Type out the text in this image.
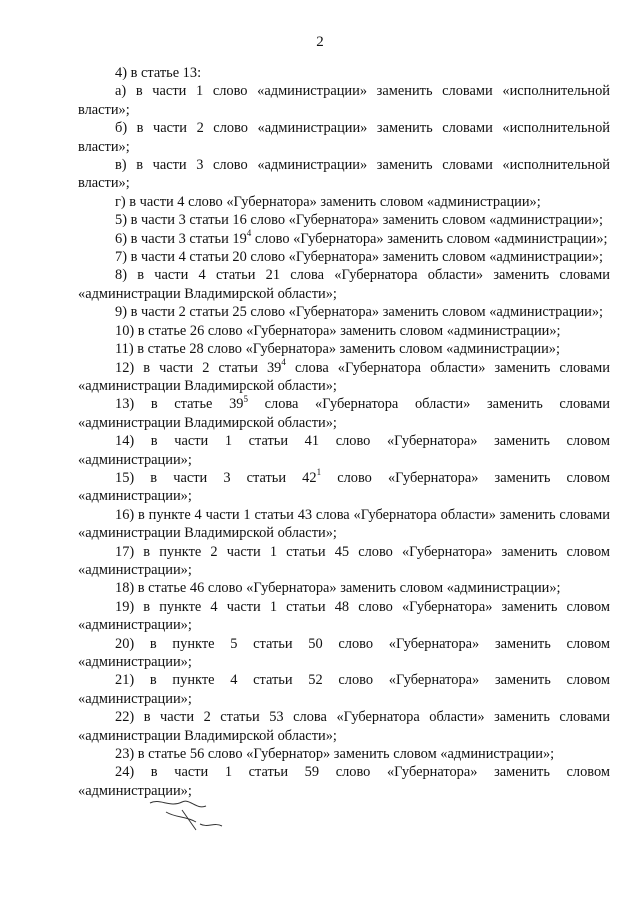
2

4) в статье 13:

а) в части 1 слово «администрации» заменить словами «исполнительной власти»;

б) в части 2 слово «администрации» заменить словами «исполнительной власти»;

в) в части 3 слово «администрации» заменить словами «исполнительной власти»;

г) в части 4 слово «Губернатора» заменить словом «администрации»;

5) в части 3 статьи 16 слово «Губернатора» заменить словом «администрации»;

6) в части 3 статьи $19^4$ слово «Губернатора» заменить словом «администрации»;

7) в части 4 статьи 20 слово «Губернатора» заменить словом «администрации»;

8) в части 4 статьи 21 слова «Губернатора области» заменить словами «администрации Владимирской области»;

9) в части 2 статьи 25 слово «Губернатора» заменить словом «администрации»;

10) в статье 26 слово «Губернатора» заменить словом «администрации»;

11) в статье 28 слово «Губернатора» заменить словом «администрации»;

12) в части 2 статьи $39^4$ слова «Губернатора области» заменить словами «администрации Владимирской области»;

13) в статье $39^5$ слова «Губернатора области» заменить словами «администрации Владимирской области»;

14) в части 1 статьи 41 слово «Губернатора» заменить словом «администрации»;

15) в части 3 статьи $42^1$ слово «Губернатора» заменить словом «администрации»;

16) в пункте 4 части 1 статьи 43 слова «Губернатора области» заменить словами «администрации Владимирской области»;

17) в пункте 2 части 1 статьи 45 слово «Губернатора» заменить словом «администрации»;

18) в статье 46 слово «Губернатора» заменить словом «администрации»;

19) в пункте 4 части 1 статьи 48 слово «Губернатора» заменить словом «администрации»;

20) в пункте 5 статьи 50 слово «Губернатора» заменить словом «администрации»;

21) в пункте 4 статьи 52 слово «Губернатора» заменить словом «администрации»;

22) в части 2 статьи 53 слова «Губернатора области» заменить словами «администрации Владимирской области»;

23) в статье 56 слово «Губернатор» заменить словом «администрации»;

24) в части 1 статьи 59 слово «Губернатора» заменить словом «администрации»;
